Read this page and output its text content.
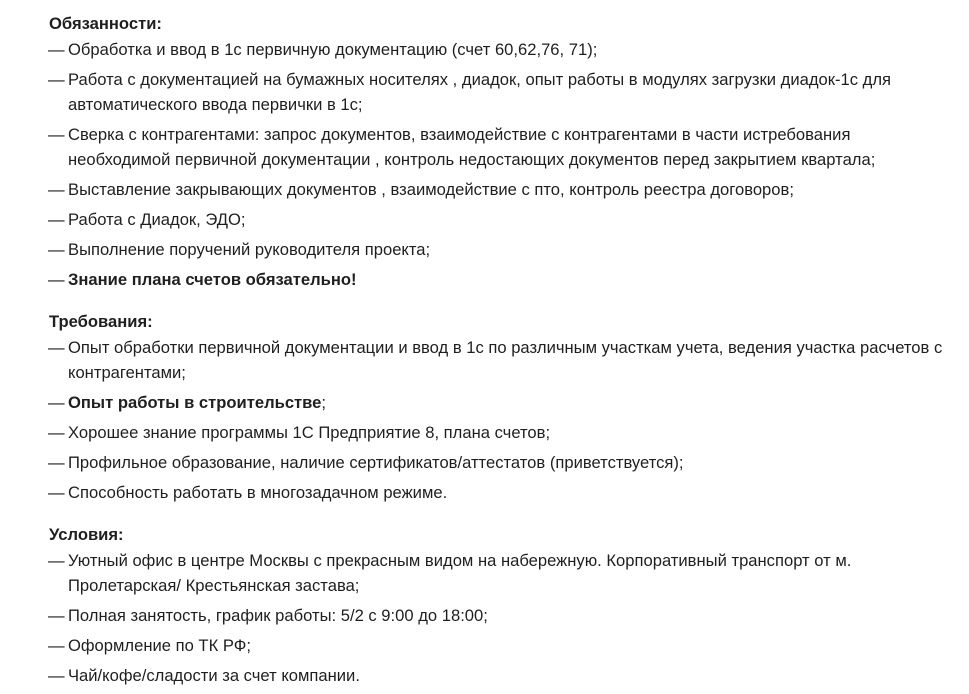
Обязанности:
— Обработка и ввод в 1с первичную документацию (счет 60,62,76, 71);
— Работа с документацией на бумажных носителях , диадок, опыт работы в модулях загрузки диадок-1с для автоматического ввода первички в 1с;
— Сверка с контрагентами: запрос документов, взаимодействие с контрагентами в части истребования необходимой первичной документации , контроль недостающих документов перед закрытием квартала;
— Выставление закрывающих документов , взаимодействие с пто, контроль реестра договоров;
— Работа с Диадок, ЭДО;
— Выполнение поручений руководителя проекта;
— Знание плана счетов обязательно!
Требования:
— Опыт обработки первичной документации и ввод в 1с по различным участкам учета, ведения участка расчетов с контрагентами;
— Опыт работы в строительстве;
— Хорошее знание программы 1С Предприятие 8, плана счетов;
— Профильное образование, наличие сертификатов/аттестатов (приветствуется);
— Способность работать в многозадачном режиме.
Условия:
— Уютный офис в центре Москвы с прекрасным видом на набережную. Корпоративный транспорт от м. Пролетарская/ Крестьянская застава;
— Полная занятость, график работы: 5/2 с 9:00 до 18:00;
— Оформление по ТК РФ;
— Чай/кофе/сладости за счет компании.
